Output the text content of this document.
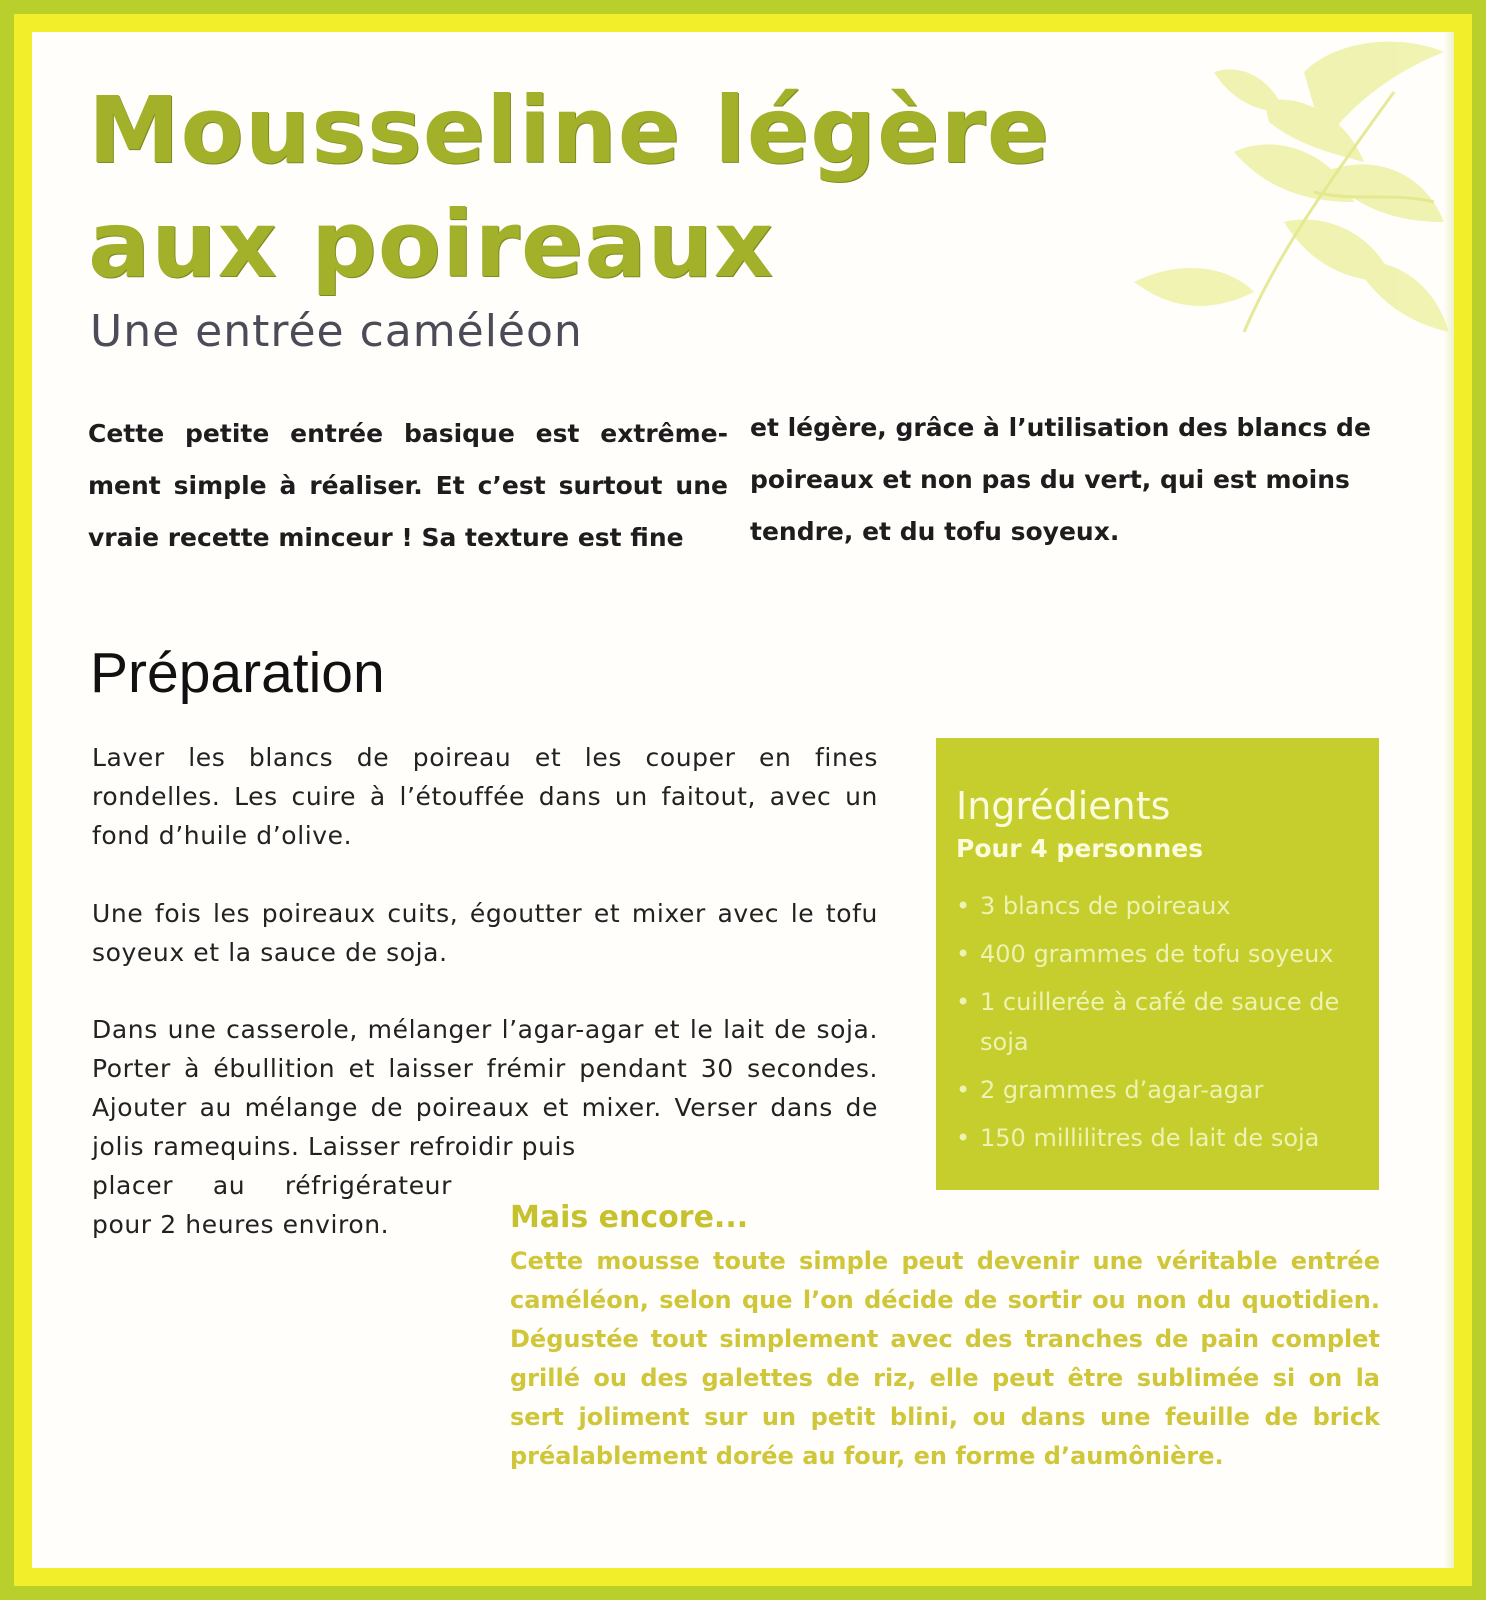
Mousseline légère
aux poireaux
Une entrée caméléon
Cette petite entrée basique est extrême-ment simple à réaliser. Et c’est surtout une vraie recette minceur ! Sa texture est fine
et légère, grâce à l’utilisation des blancs de poireaux et non pas du vert, qui est moins tendre, et du tofu soyeux.
Préparation

Laver les blancs de poireau et les couper en fines rondelles. Les cuire à l’étouffée dans un faitout, avec un fond d’huile d’olive.

Une fois les poireaux cuits, égoutter et mixer avec le tofu soyeux et la sauce de soja.

Dans une casserole, mélanger l’agar-agar et le lait de soja. Porter à ébullition et laisser frémir pendant 30 secondes. Ajouter au mélange de poireaux et mixer. Verser dans de jolis ramequins. Laisser refroidir puis
placer au réfrigérateur pour 2 heures environ.
Ingrédients
Pour 4 personnes
• 3 blancs de poireaux
• 400 grammes de tofu soyeux
• 1 cuillerée à café de sauce de soja
• 2 grammes d’agar-agar
• 150 millilitres de lait de soja
Mais encore...

Cette mousse toute simple peut devenir une véritable entrée caméléon, selon que l’on décide de sortir ou non du quotidien. Dégustée tout simplement avec des tranches de pain complet grillé ou des galettes de riz, elle peut être sublimée si on la sert joliment sur un petit blini, ou dans une feuille de brick préalablement dorée au four, en forme d’aumônière.
